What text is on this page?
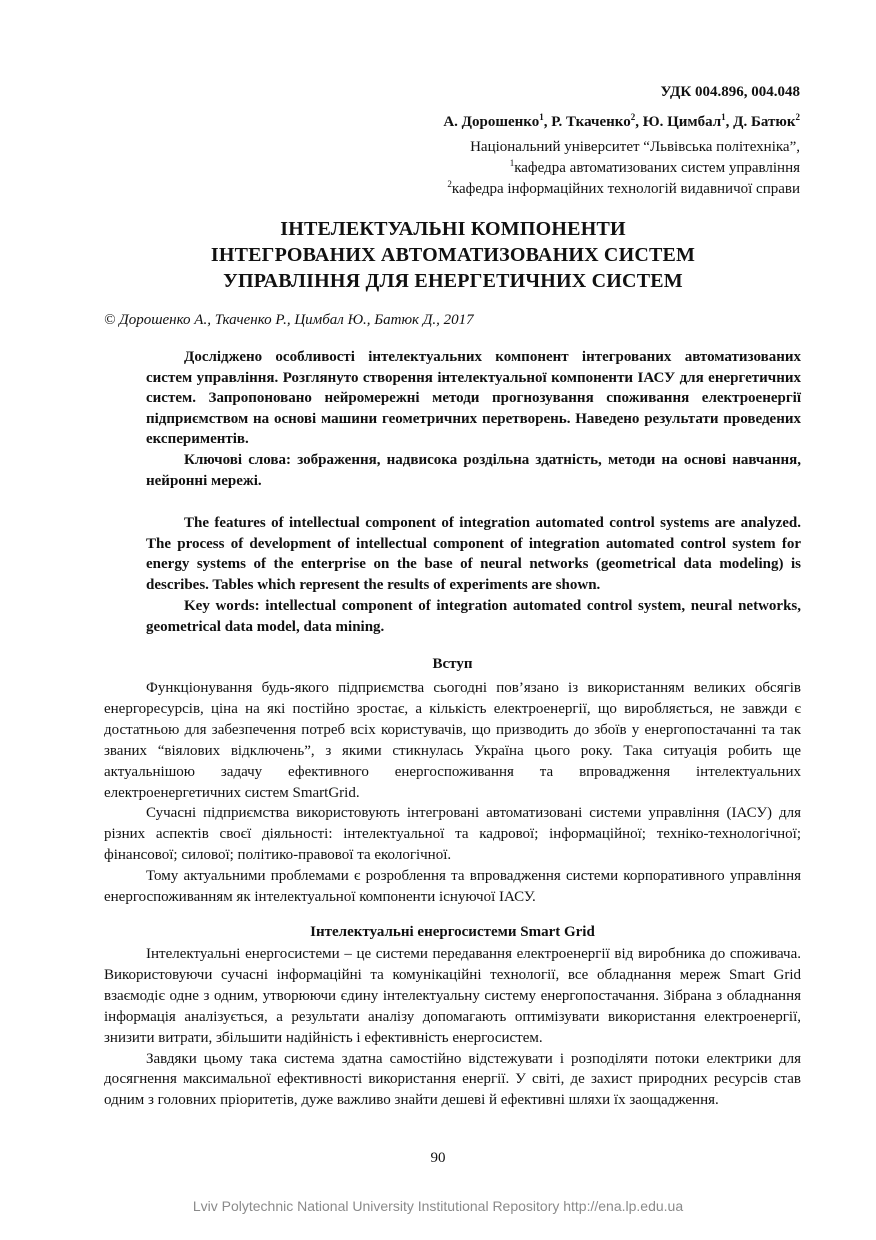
УДК 004.896, 004.048
А. Дорошенко$^1$, Р. Ткаченко$^2$, Ю. Цимбал$^1$, Д. Батюк$^2$
Національний університет “Львівська політехніка”,
$^1$кафедра автоматизованих систем управління
$^2$кафедра інформаційних технологій видавничої справи
ІНТЕЛЕКТУАЛЬНІ КОМПОНЕНТИ
ІНТЕГРОВАНИХ АВТОМАТИЗОВАНИХ СИСТЕМ
УПРАВЛІННЯ ДЛЯ ЕНЕРГЕТИЧНИХ СИСТЕМ
© Дорошенко А., Ткаченко Р., Цимбал Ю., Батюк Д., 2017
Досліджено особливості інтелектуальних компонент інтегрованих автоматизованих систем управління. Розглянуто створення інтелектуальної компоненти ІАСУ для енергетичних систем. Запропоновано нейромережні методи прогнозування споживання електроенергії підприємством на основі машини геометричних перетворень. Наведено результати проведених експериментів.
Ключові слова: зображення, надвисока роздільна здатність, методи на основі навчання, нейронні мережі.
The features of intellectual component of integration automated control systems are analyzed. The process of development of intellectual component of integration automated control system for energy systems of the enterprise on the base of neural networks (geometrical data modeling) is describes. Tables which represent the results of experiments are shown.
Key words: intellectual component of integration automated control system, neural networks, geometrical data model, data mining.
Вступ

Функціонування будь-якого підприємства сьогодні пов’язано із використанням великих обсягів енергоресурсів, ціна на які постійно зростає, а кількість електроенергії, що виробляється, не завжди є достатньою для забезпечення потреб всіх користувачів, що призводить до збоїв у енергопостачанні та так званих “віялових відключень”, з якими стикнулась Україна цього року. Така ситуація робить ще актуальнішою задачу ефективного енергоспоживання та впровадження інтелектуальних електроенергетичних систем SmartGrid.

Сучасні підприємства використовують інтегровані автоматизовані системи управління (ІАСУ) для різних аспектів своєї діяльності: інтелектуальної та кадрової; інформаційної; техніко-технологічної; фінансової; силової; політико-правової та екологічної.

Тому актуальними проблемами є розроблення та впровадження системи корпоративного управління енергоспоживанням як інтелектуальної компоненти існуючої ІАСУ.

Інтелектуальні енергосистеми Smart Grid

Інтелектуальні енергосистеми – це системи передавання електроенергії від виробника до споживача. Використовуючи сучасні інформаційні та комунікаційні технології, все обладнання мереж Smart Grid взаємодіє одне з одним, утворюючи єдину інтелектуальну систему енергопостачання. Зібрана з обладнання інформація аналізується, а результати аналізу допомагають оптимізувати використання електроенергії, знизити витрати, збільшити надійність і ефективність енергосистем.

Завдяки цьому така система здатна самостійно відстежувати і розподіляти потоки електрики для досягнення максимальної ефективності використання енергії. У світі, де захист природних ресурсів став одним з головних пріоритетів, дуже важливо знайти дешеві й ефективні шляхи їх заощадження.

90
Lviv Polytechnic National University Institutional Repository http://ena.lp.edu.ua
